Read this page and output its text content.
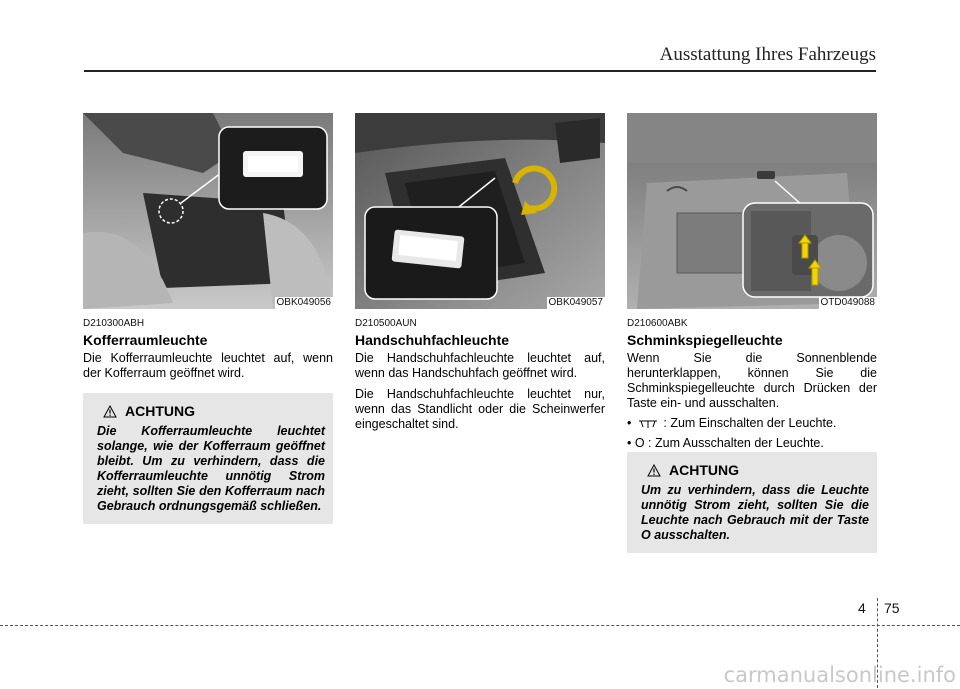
Ausstattung Ihres Fahrzeugs
OBK049056
D210300ABH
Kofferraumleuchte
Die Kofferraumleuchte leuchtet auf, wenn der Kofferraum geöffnet wird.
ACHTUNG
Die Kofferraumleuchte leuchtet solange, wie der Kofferraum geöffnet bleibt. Um zu verhindern, dass die Kofferraumleuchte unnötig Strom zieht, sollten Sie den Kofferraum nach Gebrauch ordnungsgemäß schließen.
OBK049057
D210500AUN
Handschuhfachleuchte
Die Handschuhfachleuchte leuchtet auf, wenn das Handschuhfach geöffnet wird.
Die Handschuhfachleuchte leuchtet nur, wenn das Standlicht oder die Scheinwerfer eingeschaltet sind.
OTD049088
D210600ABK
Schminkspiegelleuchte
Wenn Sie die Sonnenblende herunterklappen, können Sie die Schminkspiegelleuchte durch Drücken der Taste ein- und ausschalten.
•	: Zum Einschalten der Leuchte.
• O : Zum Ausschalten der Leuchte.
ACHTUNG
Um zu verhindern, dass die Leuchte unnötig Strom zieht, sollten Sie die Leuchte nach Gebrauch mit der Taste O ausschalten.
4 75
carmanualsonline.info
